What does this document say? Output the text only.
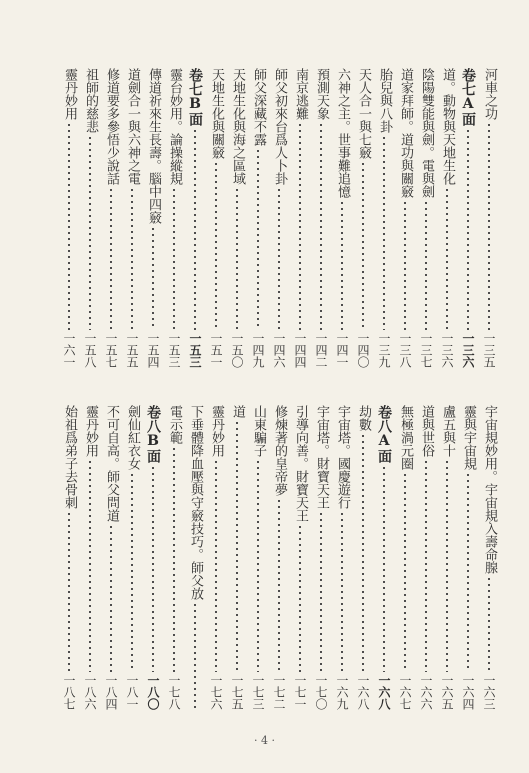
河車之功
一三五
卷七A面
一三六
道。動物與天地生化
一三六
陰陽雙能與劍。電與劍
一三七
道家拜師。道功與關竅
一三八
胎兒與八卦
一三九
天人合一與七竅
一四〇
六神之主。世事難追憶
一四一
預測天象
一四二
南京逃難
一四四
師父初來台爲人卜卦
一四六
師父深藏不露
一四九
天地生化與海之區域
一五〇
天地生化與關竅
一五一
卷七B面
一五三
靈台妙用。論操縱規
一五三
傳道祈來生長壽。腦中四竅
一五四
道劍合一與六神之電
一五五
修道要多參悟少說話
一五七
祖師的慈悲
一五八
靈丹妙用
一六一
宇宙規妙用。宇宙規入壽命腺
一六三
靈與宇宙規
一六四
盧五與十
一六五
道與世俗
一六六
無極渦元圈
一六七
卷八A面
一六八
劫數
一六八
宇宙塔。國慶遊行
一六九
宇宙塔。財寶天王
一七〇
引導向善。財寶天王
一七一
修煉著的皇帝夢
一七二
山東騙子
一七三
道
一七五
靈丹妙用
一七六
下垂體降血壓與守竅技巧。師父放
電示範
一七八
卷八B面
一八〇
劍仙紅衣女
一八一
不可自高。師父問道
一八四
靈丹妙用
一八六
始祖爲弟子去骨刺
一八七
· 4 ·
